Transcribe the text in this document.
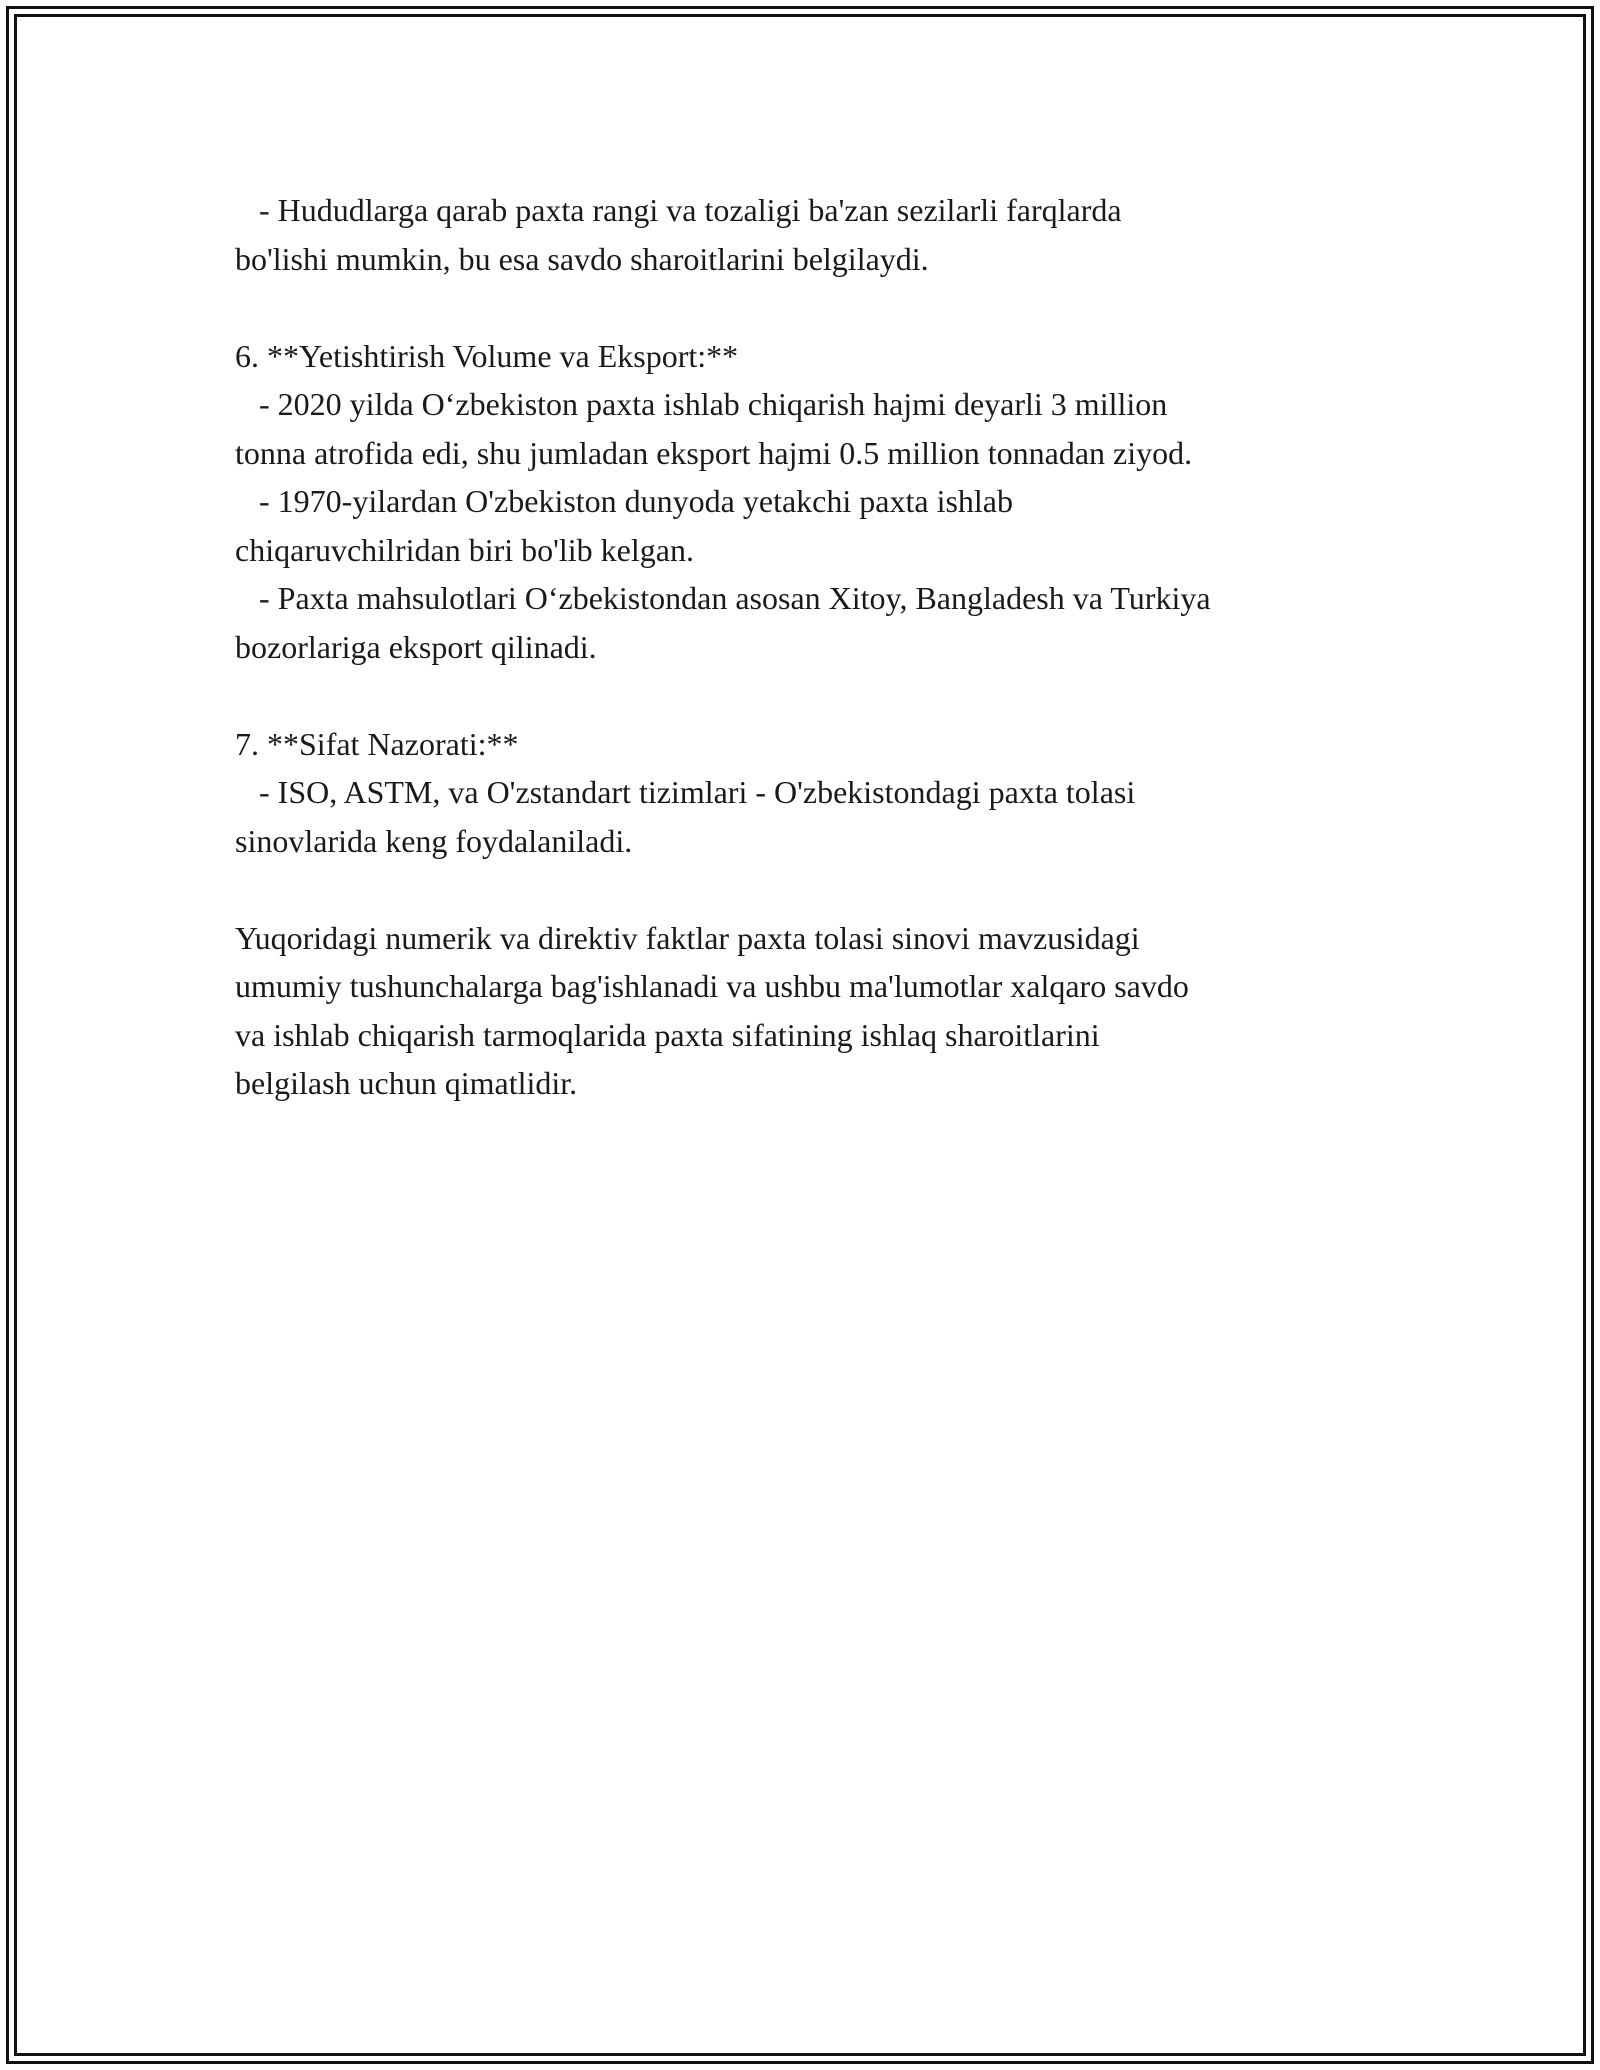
- Hududlarga qarab paxta rangi va tozaligi ba'zan sezilarli farqlarda

bo'lishi mumkin, bu esa savdo sharoitlarini belgilaydi.

6. **Yetishtirish Volume va Eksport:**

- 2020 yilda O‘zbekiston paxta ishlab chiqarish hajmi deyarli 3 million

tonna atrofida edi, shu jumladan eksport hajmi 0.5 million tonnadan ziyod.

- 1970-yilardan O'zbekiston dunyoda yetakchi paxta ishlab

chiqaruvchilridan biri bo'lib kelgan.

- Paxta mahsulotlari O‘zbekistondan asosan Xitoy, Bangladesh va Turkiya

bozorlariga eksport qilinadi.

7. **Sifat Nazorati:**

- ISO, ASTM, va O'zstandart tizimlari - O'zbekistondagi paxta tolasi

sinovlarida keng foydalaniladi.

Yuqoridagi numerik va direktiv faktlar paxta tolasi sinovi mavzusidagi

umumiy tushunchalarga bag'ishlanadi va ushbu ma'lumotlar xalqaro savdo

va ishlab chiqarish tarmoqlarida paxta sifatining ishlaq sharoitlarini

belgilash uchun qimatlidir.
